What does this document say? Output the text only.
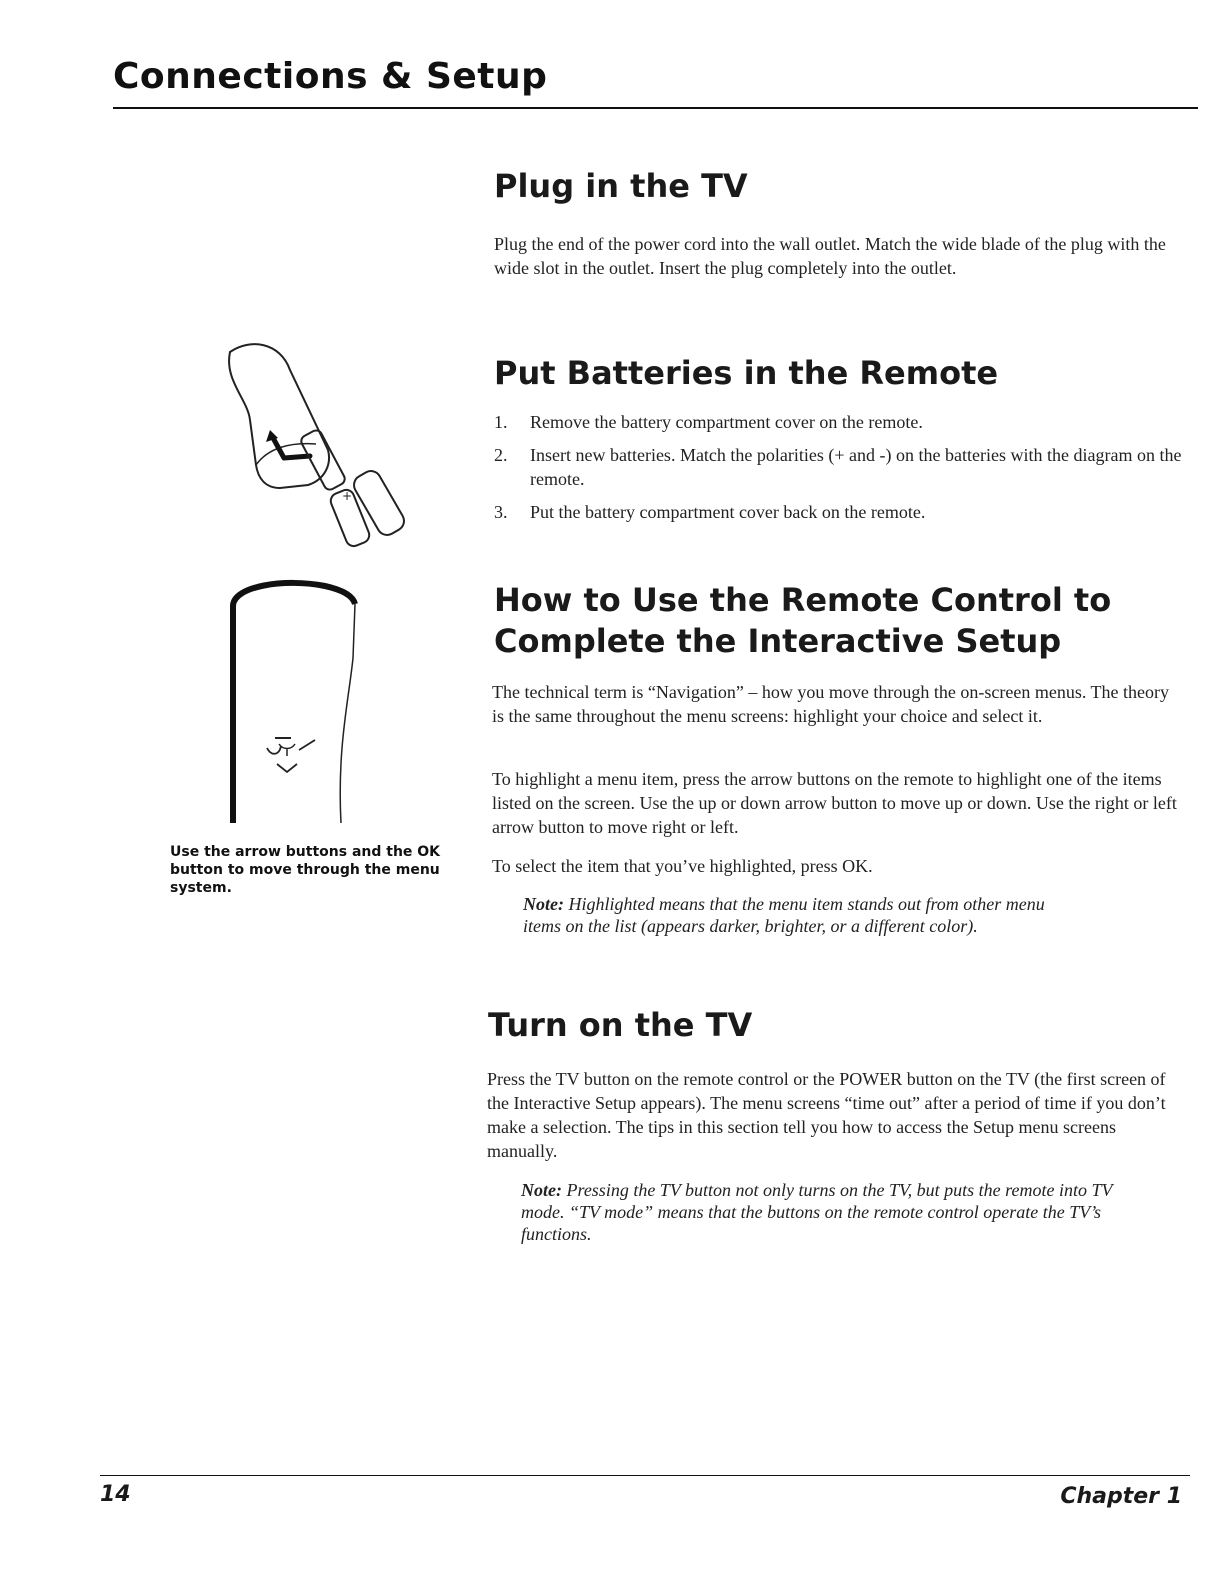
Connections & Setup
Plug in the TV

Plug the end of the power cord into the wall outlet. Match the wide blade of the plug with the wide slot in the outlet. Insert the plug completely into the outlet.

+
Put Batteries in the Remote
1. Remove the battery compartment cover on the remote.
2. Insert new batteries. Match the polarities (+ and -) on the batteries with the diagram on the remote.
3. Put the battery compartment cover back on the remote.

Use the arrow buttons and the OK button to move through the menu system.

How to Use the Remote Control to
Complete the Interactive Setup

The technical term is “Navigation” – how you move through the on-screen menus. The theory is the same throughout the menu screens: highlight your choice and select it.

To highlight a menu item, press the arrow buttons on the remote to highlight one of the items listed on the screen. Use the up or down arrow button to move up or down. Use the right or left arrow button to move right or left.

To select the item that you’ve highlighted, press OK.

Note: Highlighted means that the menu item stands out from other menu items on the list (appears darker, brighter, or a different color).

Turn on the TV

Press the TV button on the remote control or the POWER button on the TV (the first screen of the Interactive Setup appears). The menu screens “time out” after a period of time if you don’t make a selection. The tips in this section tell you how to access the Setup menu screens manually.

Note: Pressing the TV button not only turns on the TV, but puts the remote into TV mode. “TV mode” means that the buttons on the remote control operate the TV’s functions.

14	Chapter 1
